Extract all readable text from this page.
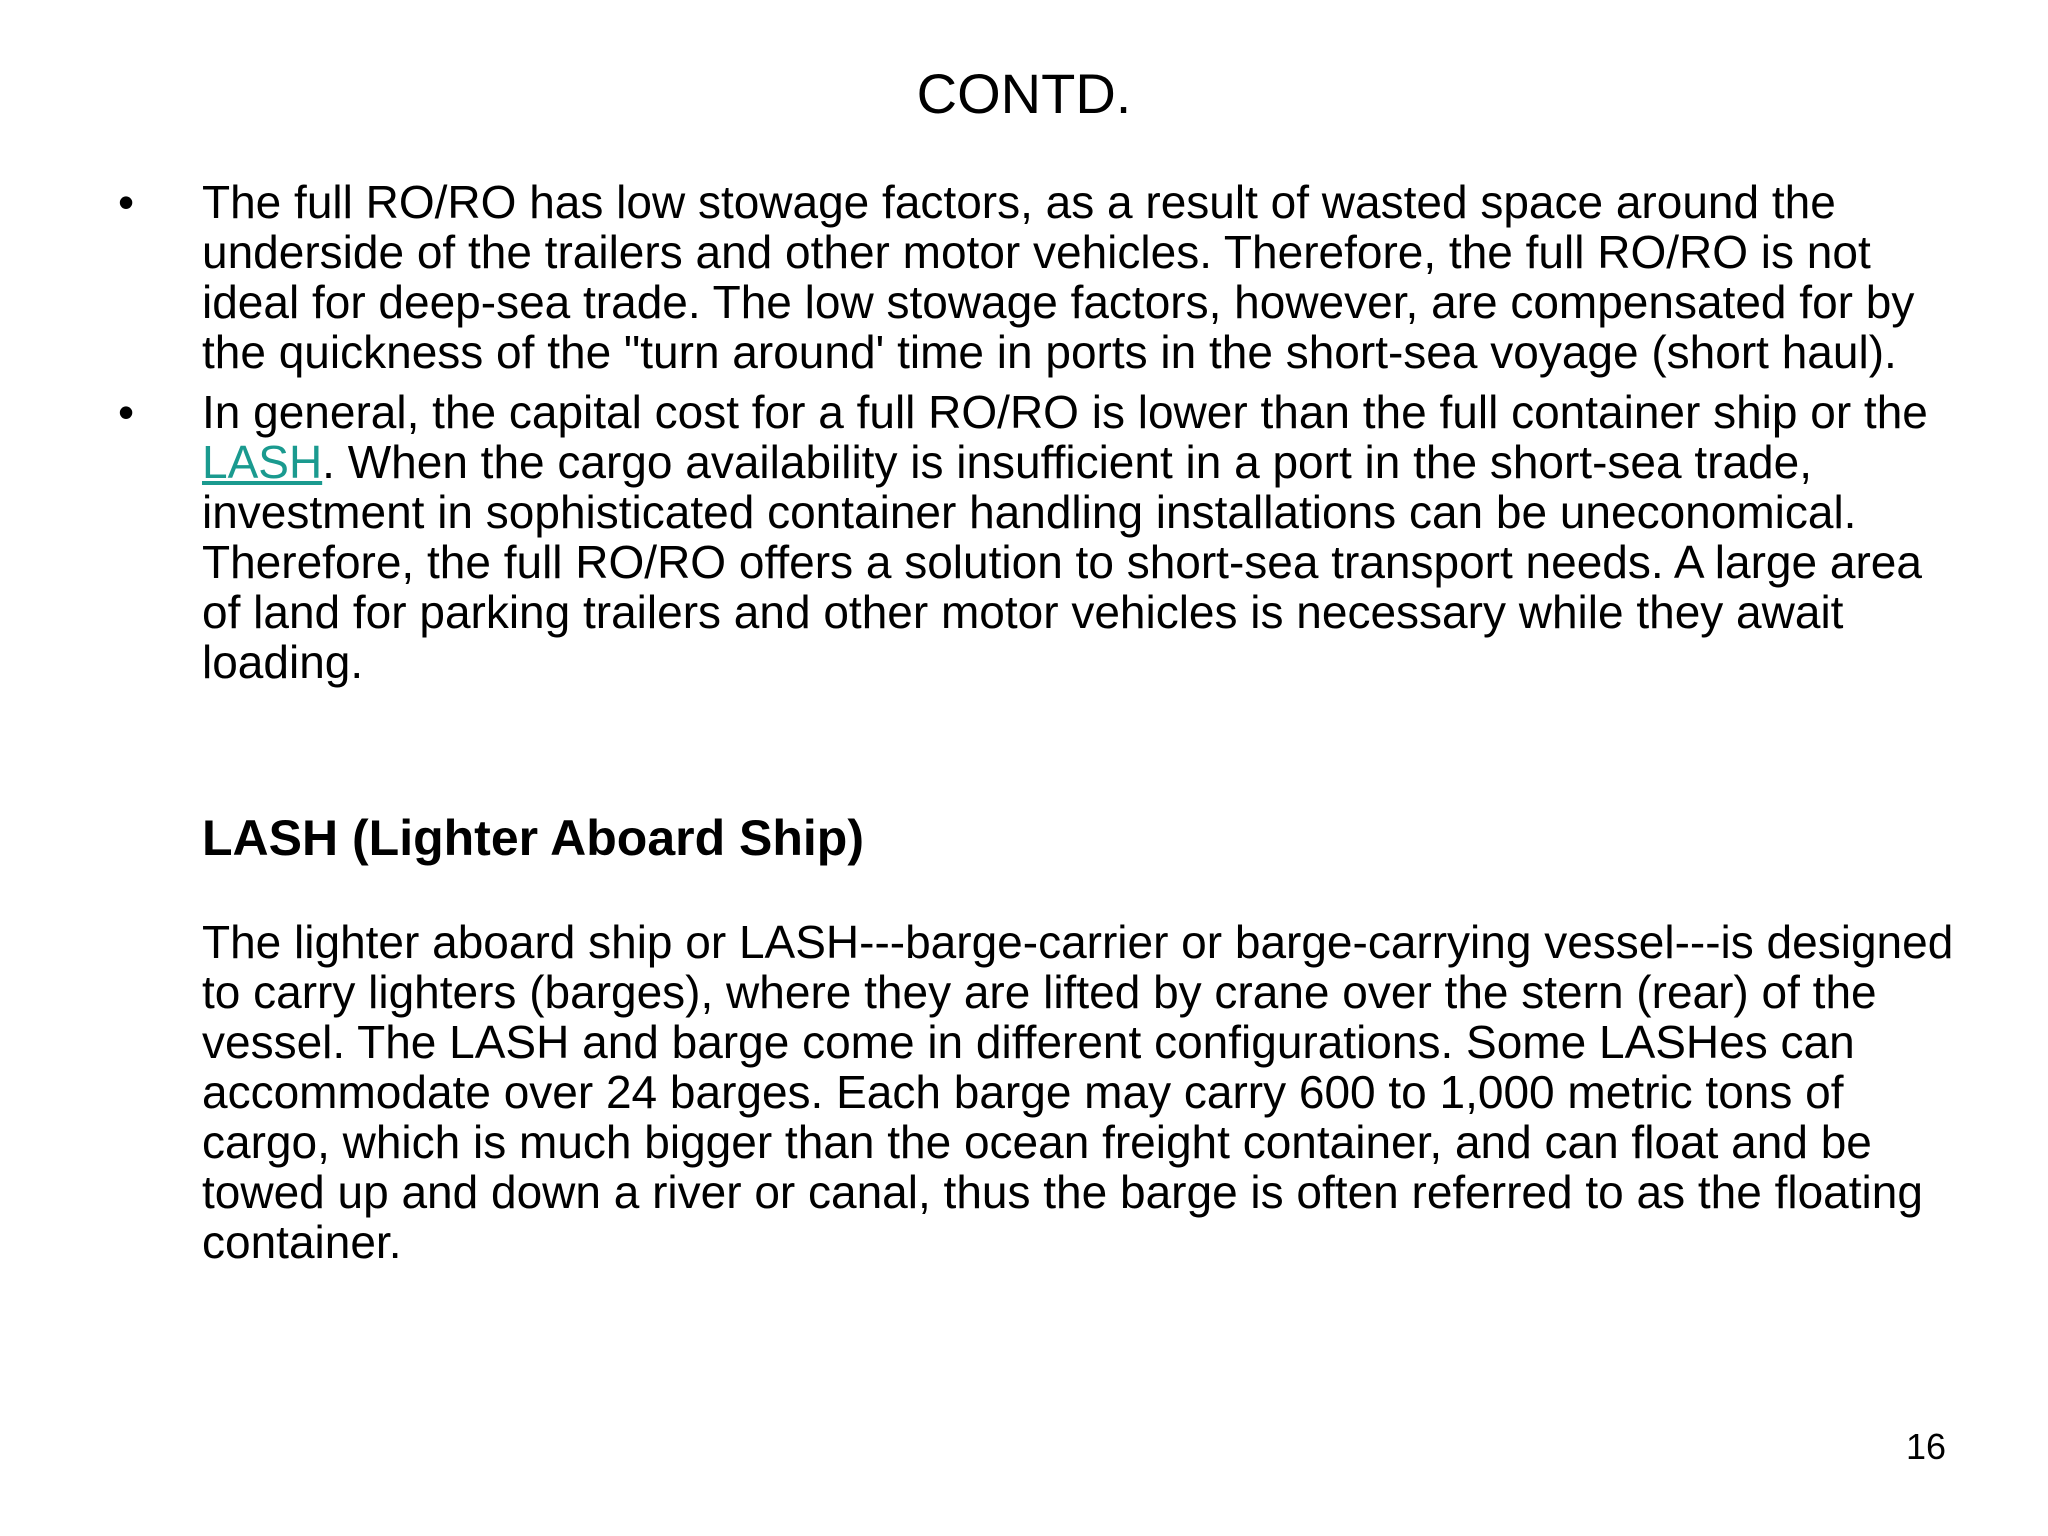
CONTD.
•	The full RO/RO has low stowage factors, as a result of wasted space around the underside of the trailers and other motor vehicles. Therefore, the full RO/RO is not ideal for deep-sea trade. The low stowage factors, however, are compensated for by the quickness of the "turn around' time in ports in the short-sea voyage (short haul).
•	In general, the capital cost for a full RO/RO is lower than the full container ship or the LASH. When the cargo availability is insufficient in a port in the short-sea trade, investment in sophisticated container handling installations can be uneconomical. Therefore, the full RO/RO offers a solution to short-sea transport needs. A large area of land for parking trailers and other motor vehicles is necessary while they await loading.
LASH (Lighter Aboard Ship)
The lighter aboard ship or LASH---barge-carrier or barge-carrying vessel---is designed to carry lighters (barges), where they are lifted by crane over the stern (rear) of the vessel. The LASH and barge come in different configurations. Some LASHes can accommodate over 24 barges. Each barge may carry 600 to 1,000 metric tons of cargo, which is much bigger than the ocean freight container, and can float and be towed up and down a river or canal, thus the barge is often referred to as the floating container.
16
